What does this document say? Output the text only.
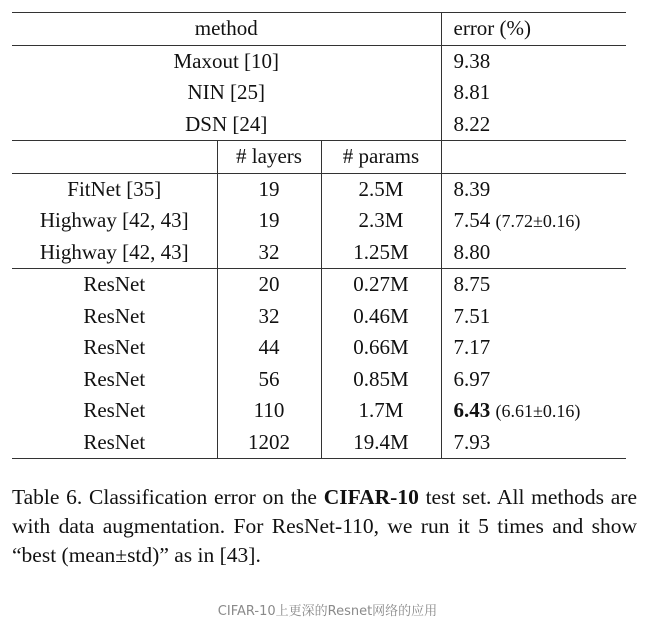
method			error (%)
Maxout [10]			9.38
NIN [25]			8.81
DSN [24]			8.22
	# layers	# params	
FitNet [35]	19	2.5M	8.39
Highway [42, 43]	19	2.3M	7.54 (7.72±0.16)
Highway [42, 43]	32	1.25M	8.80
ResNet	20	0.27M	8.75
ResNet	32	0.46M	7.51
ResNet	44	0.66M	7.17
ResNet	56	0.85M	6.97
ResNet	110	1.7M	6.43 (6.61±0.16)
ResNet	1202	19.4M	7.93

Table 6. Classification error on the CIFAR-10 test set. All methods are with data augmentation. For ResNet-110, we run it 5 times and show “best (mean±std)” as in [43].

CIFAR-10上更深的Resnet网络的应用
